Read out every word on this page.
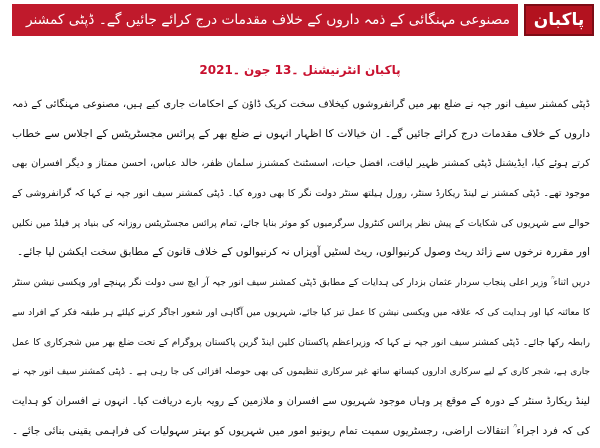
پاکبان
مصنوعی مہنگائی کے ذمہ داروں کے خلاف مقدمات درج کرائے جائیں گے۔ ڈپٹی کمشنر
پاکبان انٹرنیشنل ۔13 جون ۔2021
ڈپٹی کمشنر سیف انور جپہ نے ضلع بھر میں گرانفروشوں کیخلاف سخت کریک ڈاؤن کے احکامات جاری کیے ہیں، مصنوعی مہنگائی کے ذمہ
داروں کے خلاف مقدمات درج کرائے جائیں گے۔ ان خیالات کا اظہار انہوں نے ضلع بھر کے پرائس مجسٹریٹس کے اجلاس سے خطاب
کرتے ہوئے کیا، ایڈیشنل ڈپٹی کمشنر ظہیر لیاقت، افضل حیات، اسسٹنٹ کمشنرز سلمان ظفر، خالد عباس، احسن ممتاز و دیگر افسران بھی
موجود تھے۔ ڈپٹی کمشنر نے لینڈ ریکارڈ سنٹر، رورل ہیلتھ سنٹر دولت نگر کا بھی دورہ کیا۔ ڈپٹی کمشنر سیف انور جپہ نے کہا کہ گرانفروشی کے
حوالے سے شہریوں کی شکایات کے پیش نظر پرائس کنٹرول سرگرمیوں کو موثر بنایا جائے، تمام پرائس مجسٹریٹس روزانہ کی بنیاد پر فیلڈ میں نکلیں
اور مقررہ نرخوں سے زائد ریٹ وصول کرنیوالوں، ریٹ لسٹیں آویزاں نہ کرنیوالوں کے خلاف قانون کے مطابق سخت ایکشن لیا جائے۔
دریں اثناء ؒ وزیر اعلی پنجاب سردار عثمان بزدار کی ہدایات کے مطابق ڈپٹی کمشنر سیف انور جپہ آر ایچ سی دولت نگر پہنچے اور ویکسی نیشن سنٹر
کا معائنہ کیا اور ہدایت کی کہ علاقہ میں ویکسی نیشن کا عمل تیز کیا جائے، شہریوں میں آگاہی اور شعور اجاگر کرنے کیلئے ہر طبقہ فکر کے افراد سے
رابطہ رکھا جائے۔ ڈپٹی کمشنر سیف انور جپہ نے کہا کہ وزیراعظم پاکستان کلین اینڈ گرین پاکستان پروگرام کے تحت ضلع بھر میں شجرکاری کا عمل
جاری ہے، شجر کاری کے لیے سرکاری اداروں کیساتھ ساتھ غیر سرکاری تنظیموں کی بھی حوصلہ افزائی کی جا رہی ہے ۔ ڈپٹی کمشنر سیف انور جپہ نے
لینڈ ریکارڈ سنٹر کے دورہ کے موقع پر وہاں موجود شہریوں سے افسران و ملازمین کے رویہ بارے دریافت کیا۔ انہوں نے افسران کو ہدایت
کی کہ فرد اجراء ؒ انتقالات اراضی، رجسٹریوں سمیت تمام ریونیو امور میں شہریوں کو بہتر سہولیات کی فراہمی یقینی بنائی جائے ۔
